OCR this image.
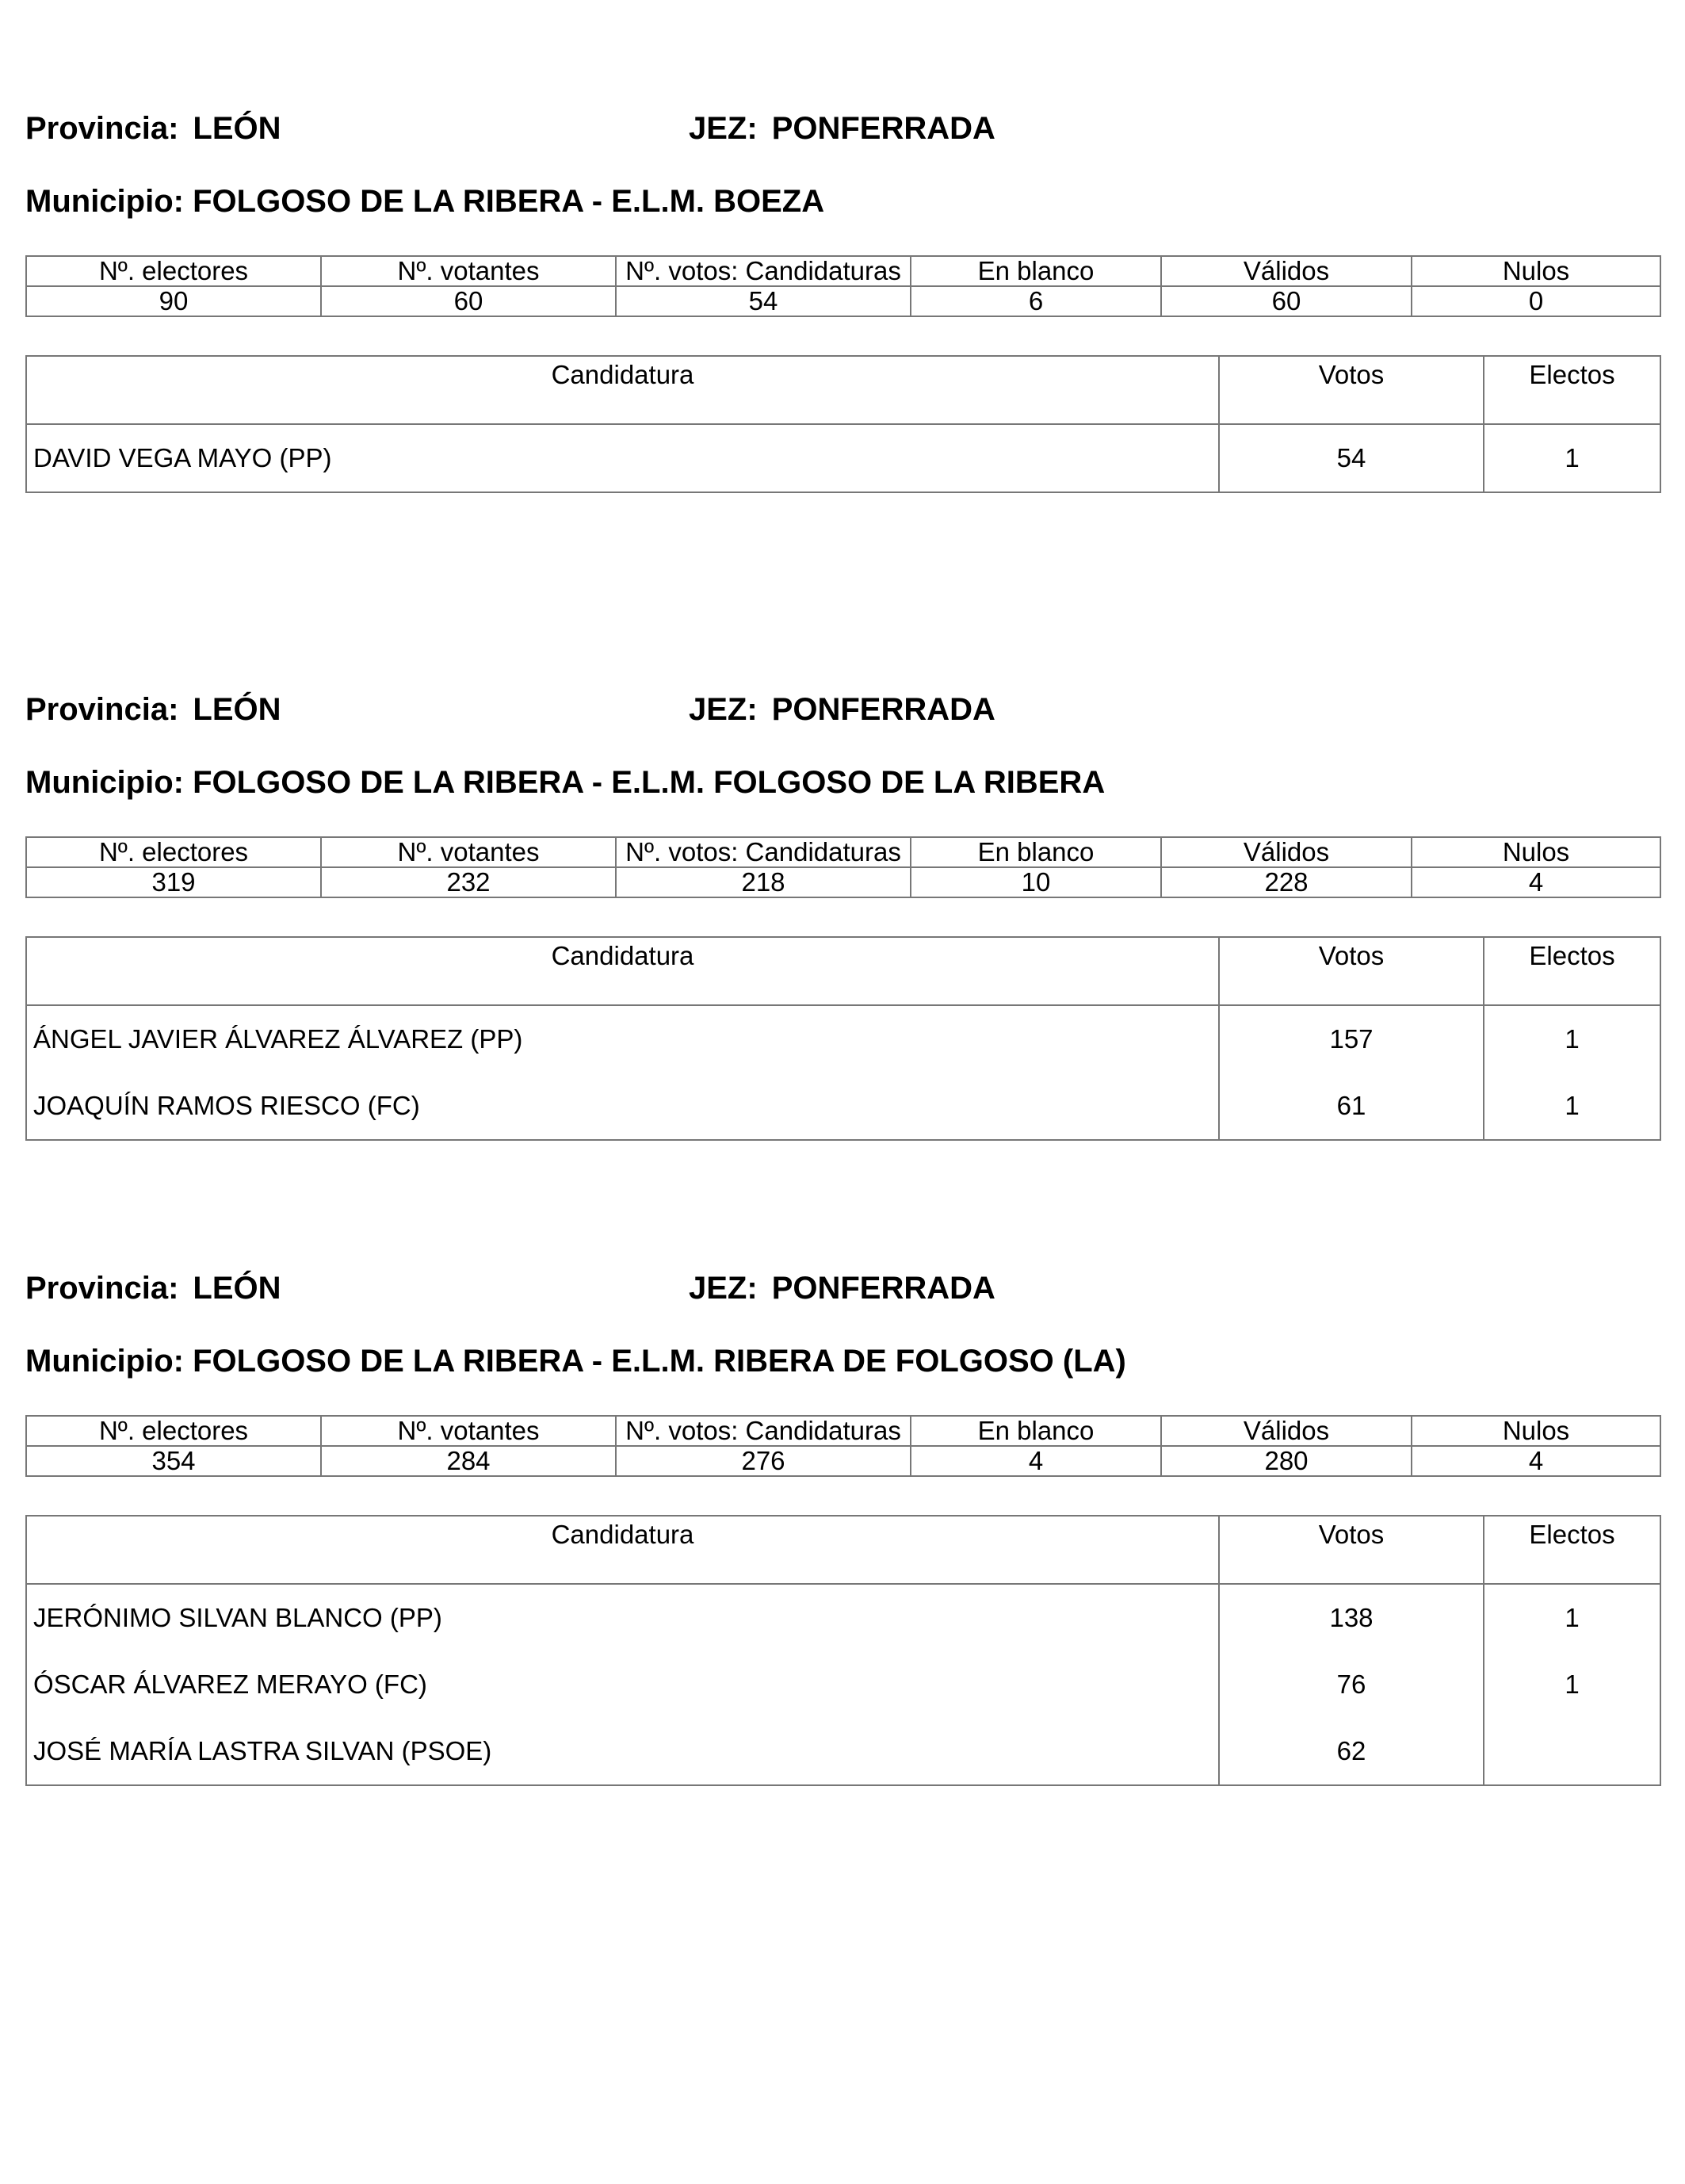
Provincia: LEÓN	JEZ: PONFERRADA
Municipio: FOLGOSO DE LA RIBERA - E.L.M. BOEZA
Nº. electores	Nº. votantes	Nº. votos: Candidaturas	En blanco	Válidos	Nulos
90	60	54	6	60	0
Candidatura	Votos	Electos
DAVID VEGA MAYO (PP)	54	1
Provincia: LEÓN	JEZ: PONFERRADA
Municipio: FOLGOSO DE LA RIBERA - E.L.M. FOLGOSO DE LA RIBERA
Nº. electores	Nº. votantes	Nº. votos: Candidaturas	En blanco	Válidos	Nulos
319	232	218	10	228	4
Candidatura	Votos	Electos
ÁNGEL JAVIER ÁLVAREZ ÁLVAREZ (PP)	157	1
JOAQUÍN RAMOS RIESCO (FC)	61	1
Provincia: LEÓN	JEZ: PONFERRADA
Municipio: FOLGOSO DE LA RIBERA - E.L.M. RIBERA DE FOLGOSO (LA)
Nº. electores	Nº. votantes	Nº. votos: Candidaturas	En blanco	Válidos	Nulos
354	284	276	4	280	4
Candidatura	Votos	Electos
JERÓNIMO SILVAN BLANCO (PP)	138	1
ÓSCAR ÁLVAREZ MERAYO (FC)	76	1
JOSÉ MARÍA LASTRA SILVAN (PSOE)	62	
